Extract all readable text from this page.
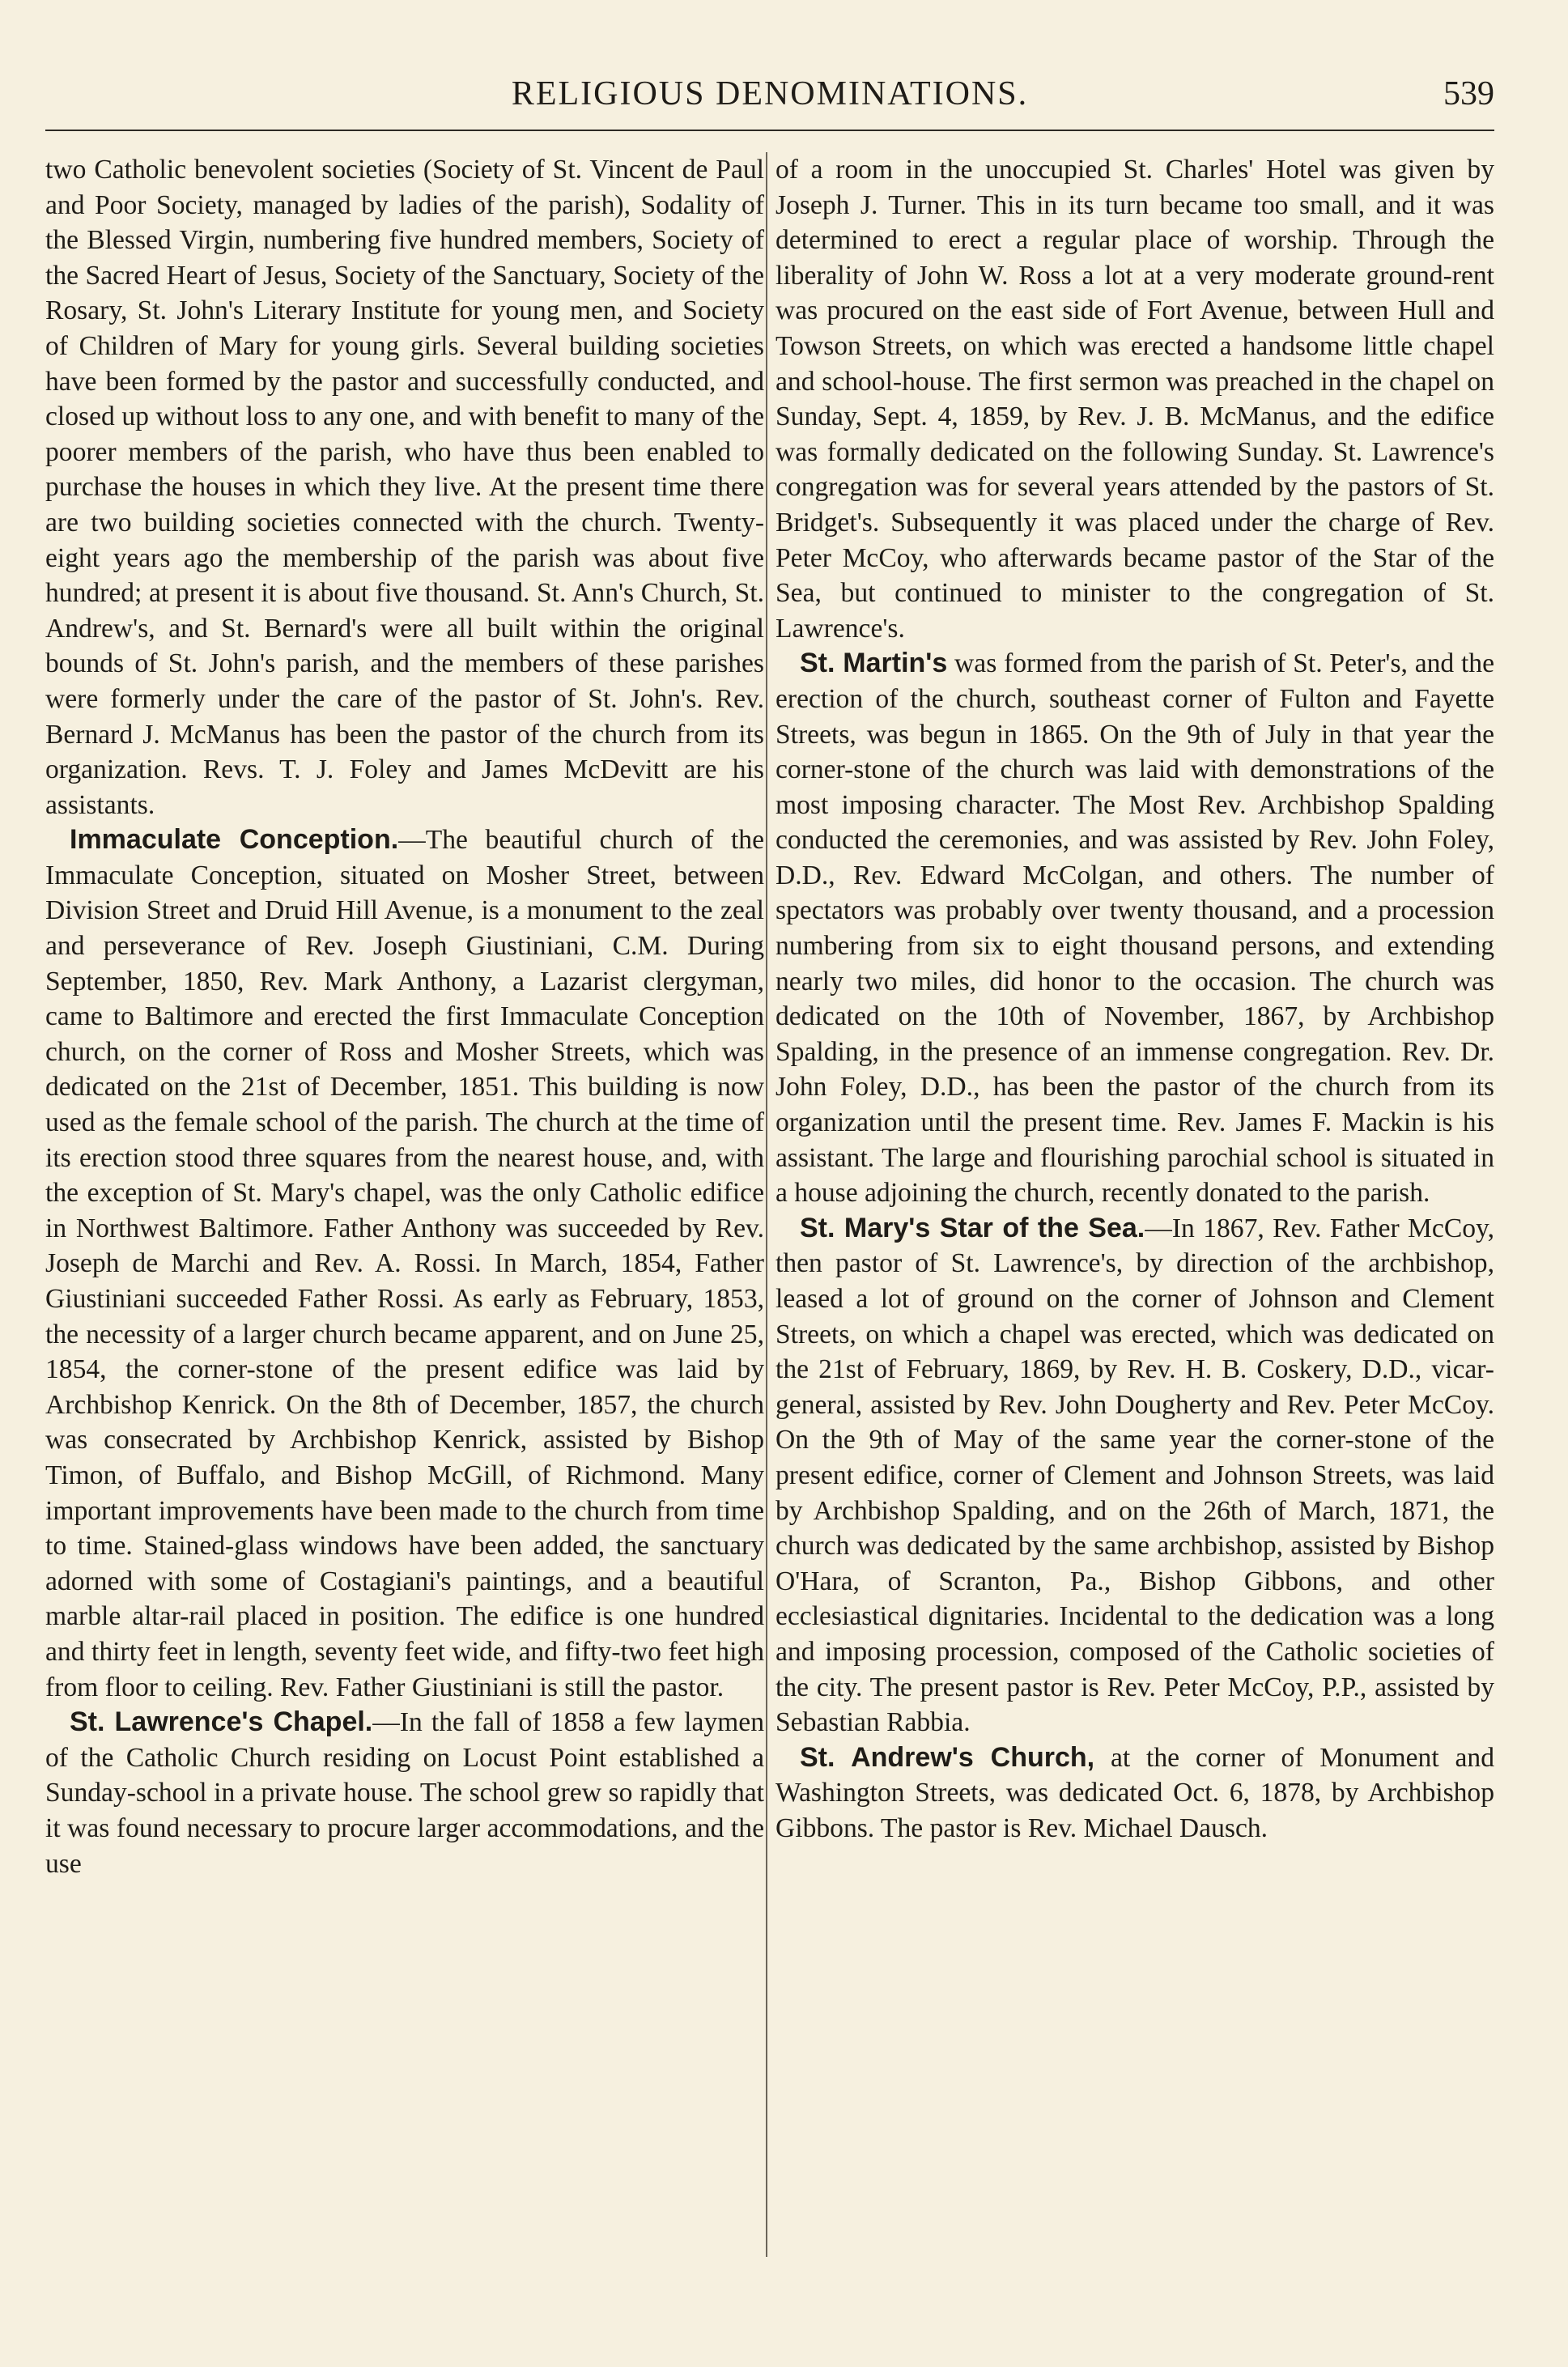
RELIGIOUS DENOMINATIONS.	539

two Catholic benevolent societies (Society of St. Vincent de Paul and Poor Society, managed by ladies of the parish), Sodality of the Blessed Virgin, numbering five hundred members, Society of the Sacred Heart of Jesus, Society of the Sanctuary, Society of the Rosary, St. John's Literary Institute for young men, and Society of Children of Mary for young girls. Several building societies have been formed by the pastor and successfully conducted, and closed up without loss to any one, and with benefit to many of the poorer members of the parish, who have thus been enabled to purchase the houses in which they live. At the present time there are two building societies connected with the church. Twenty-eight years ago the membership of the parish was about five hundred; at present it is about five thousand. St. Ann's Church, St. Andrew's, and St. Bernard's were all built within the original bounds of St. John's parish, and the members of these parishes were formerly under the care of the pastor of St. John's. Rev. Bernard J. McManus has been the pastor of the church from its organization. Revs. T. J. Foley and James McDevitt are his assistants.

Immaculate Conception.—The beautiful church of the Immaculate Conception, situated on Mosher Street, between Division Street and Druid Hill Avenue, is a monument to the zeal and perseverance of Rev. Joseph Giustiniani, C.M. During September, 1850, Rev. Mark Anthony, a Lazarist clergyman, came to Baltimore and erected the first Immaculate Conception church, on the corner of Ross and Mosher Streets, which was dedicated on the 21st of December, 1851. This building is now used as the female school of the parish. The church at the time of its erection stood three squares from the nearest house, and, with the exception of St. Mary's chapel, was the only Catholic edifice in Northwest Baltimore. Father Anthony was succeeded by Rev. Joseph de Marchi and Rev. A. Rossi. In March, 1854, Father Giustiniani succeeded Father Rossi. As early as February, 1853, the necessity of a larger church became apparent, and on June 25, 1854, the corner-stone of the present edifice was laid by Archbishop Kenrick. On the 8th of December, 1857, the church was consecrated by Archbishop Kenrick, assisted by Bishop Timon, of Buffalo, and Bishop McGill, of Richmond. Many important improvements have been made to the church from time to time. Stained-glass windows have been added, the sanctuary adorned with some of Costagiani's paintings, and a beautiful marble altar-rail placed in position. The edifice is one hundred and thirty feet in length, seventy feet wide, and fifty-two feet high from floor to ceiling. Rev. Father Giustiniani is still the pastor.

St. Lawrence's Chapel.—In the fall of 1858 a few laymen of the Catholic Church residing on Locust Point established a Sunday-school in a private house. The school grew so rapidly that it was found necessary to procure larger accommodations, and the use

of a room in the unoccupied St. Charles' Hotel was given by Joseph J. Turner. This in its turn became too small, and it was determined to erect a regular place of worship. Through the liberality of John W. Ross a lot at a very moderate ground-rent was procured on the east side of Fort Avenue, between Hull and Towson Streets, on which was erected a handsome little chapel and school-house. The first sermon was preached in the chapel on Sunday, Sept. 4, 1859, by Rev. J. B. McManus, and the edifice was formally dedicated on the following Sunday. St. Lawrence's congregation was for several years attended by the pastors of St. Bridget's. Subsequently it was placed under the charge of Rev. Peter McCoy, who afterwards became pastor of the Star of the Sea, but continued to minister to the congregation of St. Lawrence's.

St. Martin's was formed from the parish of St. Peter's, and the erection of the church, southeast corner of Fulton and Fayette Streets, was begun in 1865. On the 9th of July in that year the corner-stone of the church was laid with demonstrations of the most imposing character. The Most Rev. Archbishop Spalding conducted the ceremonies, and was assisted by Rev. John Foley, D.D., Rev. Edward McColgan, and others. The number of spectators was probably over twenty thousand, and a procession numbering from six to eight thousand persons, and extending nearly two miles, did honor to the occasion. The church was dedicated on the 10th of November, 1867, by Archbishop Spalding, in the presence of an immense congregation. Rev. Dr. John Foley, D.D., has been the pastor of the church from its organization until the present time. Rev. James F. Mackin is his assistant. The large and flourishing parochial school is situated in a house adjoining the church, recently donated to the parish.

St. Mary's Star of the Sea.—In 1867, Rev. Father McCoy, then pastor of St. Lawrence's, by direction of the archbishop, leased a lot of ground on the corner of Johnson and Clement Streets, on which a chapel was erected, which was dedicated on the 21st of February, 1869, by Rev. H. B. Coskery, D.D., vicar-general, assisted by Rev. John Dougherty and Rev. Peter McCoy. On the 9th of May of the same year the corner-stone of the present edifice, corner of Clement and Johnson Streets, was laid by Archbishop Spalding, and on the 26th of March, 1871, the church was dedicated by the same archbishop, assisted by Bishop O'Hara, of Scranton, Pa., Bishop Gibbons, and other ecclesiastical dignitaries. Incidental to the dedication was a long and imposing procession, composed of the Catholic societies of the city. The present pastor is Rev. Peter McCoy, P.P., assisted by Sebastian Rabbia.

St. Andrew's Church, at the corner of Monument and Washington Streets, was dedicated Oct. 6, 1878, by Archbishop Gibbons. The pastor is Rev. Michael Dausch.
